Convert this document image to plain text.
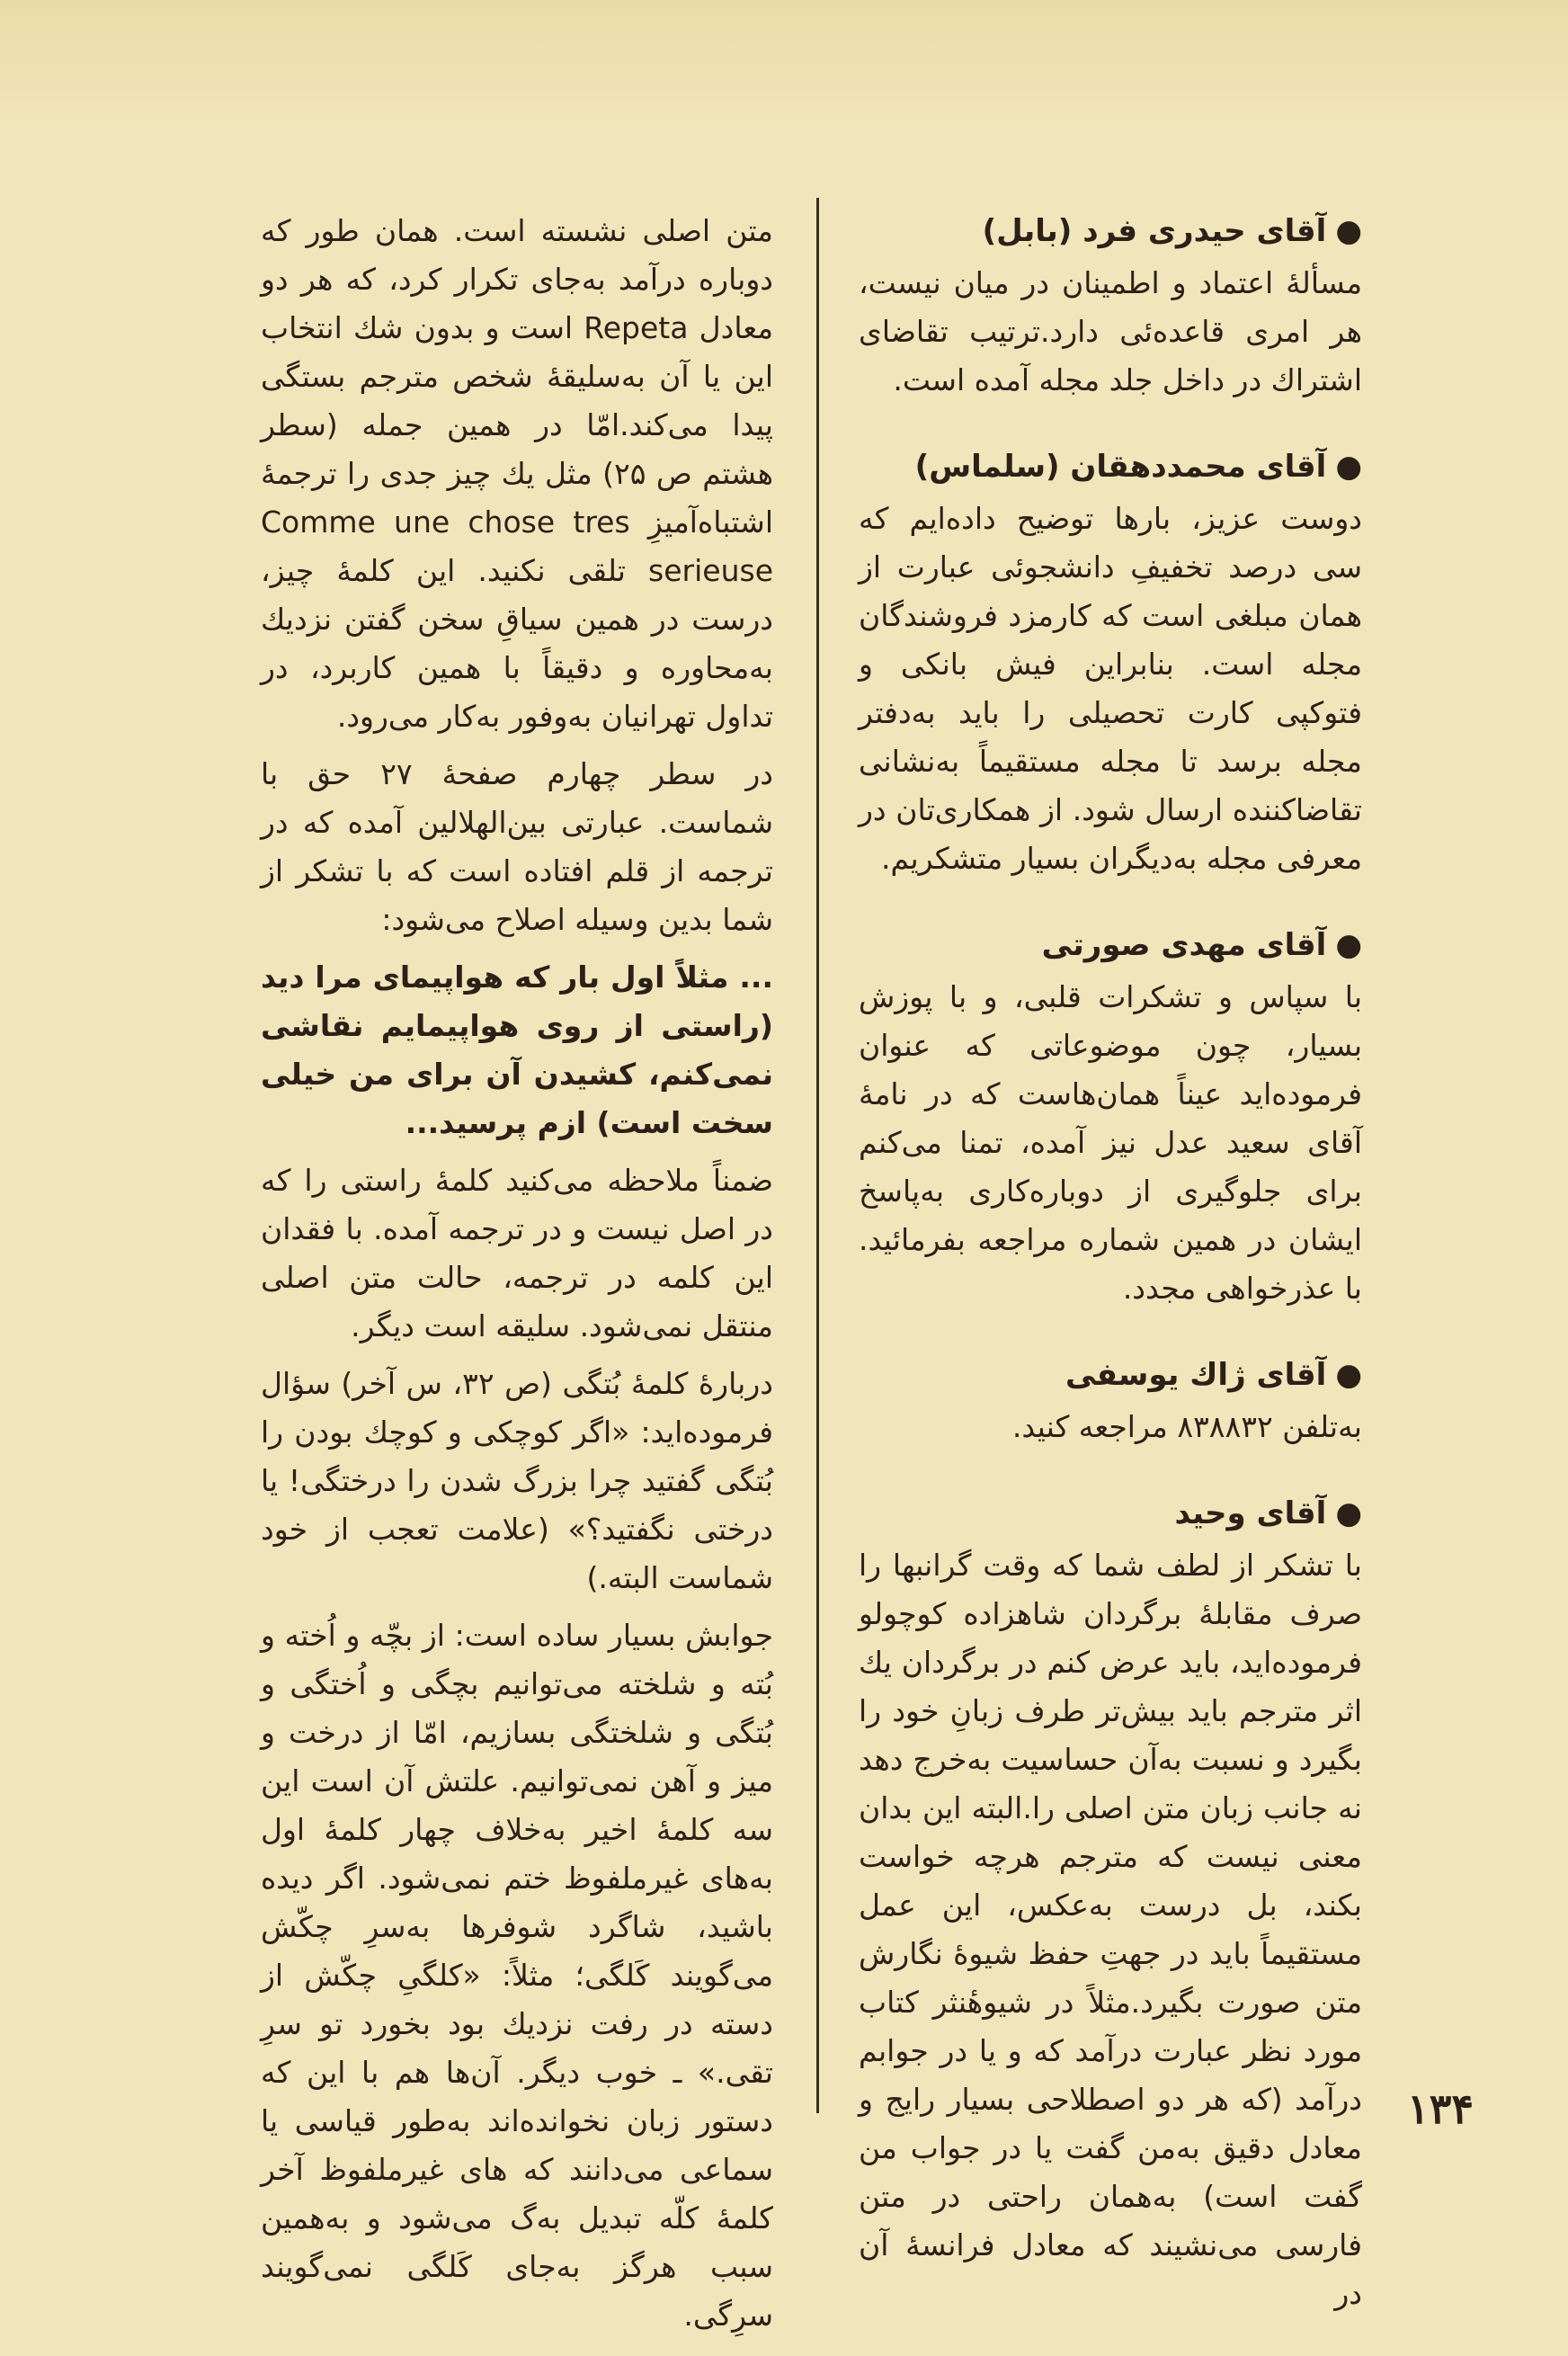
●آقای حیدری فرد (بابل)
مسألهٔ اعتماد و اطمینان در میان نیست، هر امری قاعده‌ئی دارد.ترتیب تقاضای اشتراك در داخل جلد مجله آمده است.
●آقای محمددهقان (سلماس)
دوست عزیز، بارها توضیح داده‌ایم که سی درصد تخفیفِ دانشجوئی عبارت از همان مبلغی است که کارمزد فروشندگان مجله است. بنابراین فیش بانکی و فتوکپی کارت تحصیلی را باید به‌دفتر مجله برسد تا مجله مستقیماً به‌نشانی تقاضاکننده ارسال شود. از همکاری‌تان در معرفی مجله به‌دیگران بسیار متشکریم.
●آقای مهدی صورتی
با سپاس و تشکرات قلبی، و با پوزش بسیار، چون موضوعاتی که عنوان فرموده‌اید عیناً همان‌هاست که در نامهٔ آقای سعید عدل نیز آمده، تمنا می‌کنم برای جلوگیری از دوباره‌کاری به‌پاسخ ایشان در همین شماره مراجعه بفرمائید. با عذرخواهی مجدد.
●آقای ژاك یوسفی
به‌تلفن ۸۳۸۸۳۲ مراجعه کنید.
●آقای وحید
با تشکر از لطف شما که وقت گرانبها را صرف مقابلهٔ برگردان شاهزاده کوچولو فرموده‌اید، باید عرض کنم در برگردان یك اثر مترجم باید بیش‌تر طرف زبانِ خود را بگیرد و نسبت به‌آن حساسیت به‌خرج دهد نه جانب زبان متن اصلی را.البته این بدان معنی نیست که مترجم هرچه خواست بکند، بل درست به‌عکس، این عمل مستقیماً باید در جهتِ حفظ شیوهٔ نگارش متن صورت بگیرد.مثلاً در شیوهٔنثر کتاب مورد نظر عبارت درآمد که و یا در جوابم درآمد (که هر دو اصطلاحی بسیار رایج و معادل دقیق به‌من گفت یا در جواب من گفت است) به‌همان راحتی در متن فارسی می‌نشیند که معادل فرانسهٔ آن در
متن اصلی نشسته است. همان طور که دوباره درآمد به‌جای تکرار کرد، که هر دو معادل Repeta است و بدون شك انتخاب این یا آن به‌سلیقهٔ شخص مترجم بستگی پیدا می‌کند.امّا در همین جمله (سطر هشتم ص ۲۵) مثل یك چیز جدی را ترجمهٔ اشتباه‌آمیزِ Comme une chose tres serieuse تلقی نکنید. این کلمهٔ چیز، درست در همین سیاقِ سخن گفتن نزدیك به‌محاوره و دقیقاً با همین کاربرد، در تداول تهرانیان به‌وفور به‌کار می‌رود.
در سطر چهارم صفحهٔ ۲۷ حق با شماست. عبارتی بین‌الهلالین آمده که در ترجمه از قلم افتاده است که با تشکر از شما بدین وسیله اصلاح می‌شود:
... مثلاً اول بار که هواپیمای مرا دید (راستی از روی هواپیمایم نقاشی نمی‌کنم، کشیدن آن برای من خیلی سخت است) ازم پرسید...
ضمناً ملاحظه می‌کنید کلمهٔ راستی را که در اصل نیست و در ترجمه آمده. با فقدان این کلمه در ترجمه، حالت متن اصلی منتقل نمی‌شود. سلیقه است دیگر.
دربارهٔ کلمهٔ بُتگی (ص ۳۲، س آخر) سؤال فرموده‌اید: «اگر کوچکی و کوچك بودن را بُتگی گفتید چرا بزرگ شدن را درختگی! یا درختی نگفتید؟» (علامت تعجب از خود شماست البته.)
جوابش بسیار ساده است: از بچّه و اُخته و بُته و شلخته می‌توانیم بچگی و اُختگی و بُتگی و شلختگی بسازیم، امّا از درخت و میز و آهن نمی‌توانیم. علتش آن است این سه کلمهٔ اخیر به‌خلاف چهار کلمهٔ اول به‌های غیرملفوظ ختم نمی‌شود. اگر دیده باشید، شاگرد شوفرها به‌سرِ چکّش می‌گویند کَلگی؛ مثلاً: «کلگیِ چکّش از دسته در رفت نزدیك بود بخورد تو سرِ تقی.» ـ خوب دیگر. آن‌ها هم با این که دستور زبان نخوانده‌اند به‌طور قیاسی یا سماعی می‌دانند که های غیرملفوظ آخر کلمهٔ کلّه تبدیل به‌گ می‌شود و به‌همین سبب هرگز به‌جای کَلگی نمی‌گویند سرِگی.
۱۳۴
